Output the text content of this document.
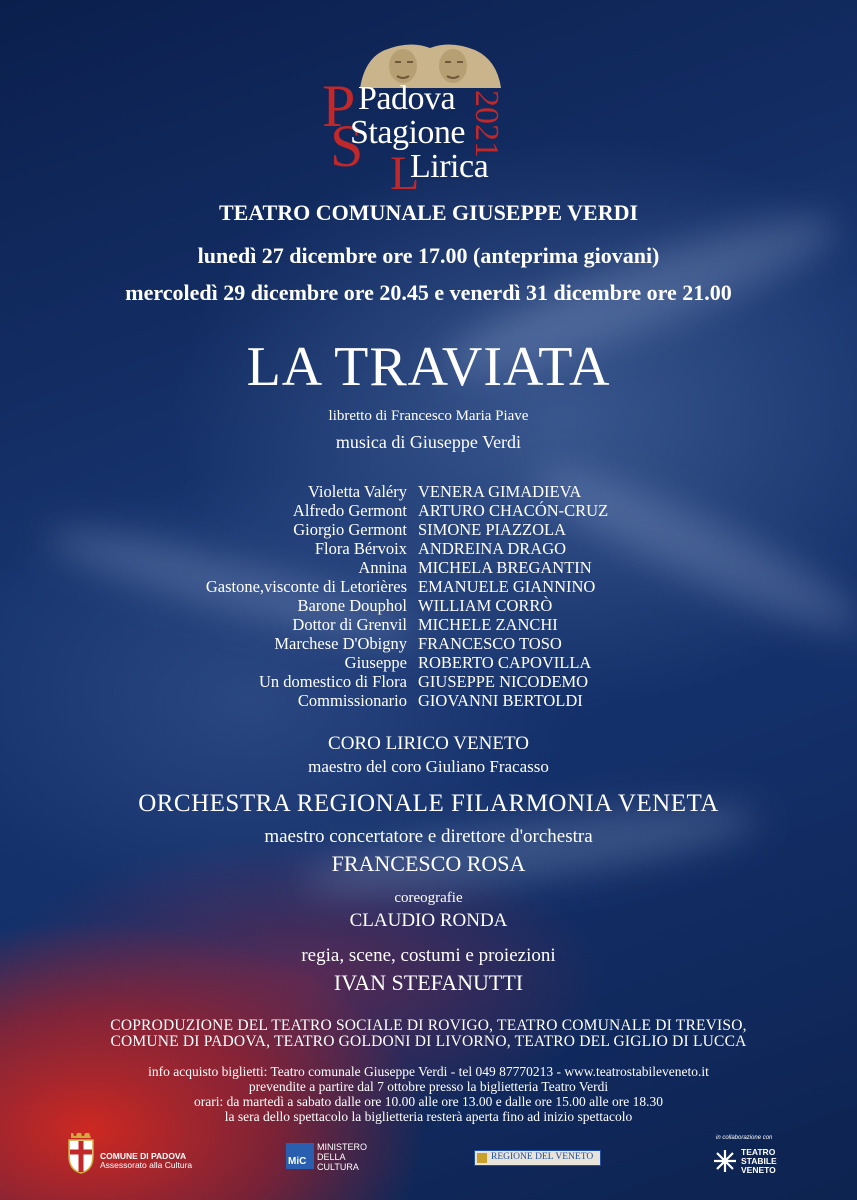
P Padova
S
Stagione
L
Lirica
2021
TEATRO COMUNALE GIUSEPPE VERDI
lunedì 27 dicembre ore 17.00 (anteprima giovani)
mercoledì 29 dicembre ore 20.45 e venerdì 31 dicembre ore 21.00
LA TRAVIATA
libretto di Francesco Maria Piave
musica di Giuseppe Verdi
Violetta Valéry VENERA GIMADIEVA
Alfredo Germont ARTURO CHACÓN-CRUZ
Giorgio Germont SIMONE PIAZZOLA
Flora Bérvoix ANDREINA DRAGO
Annina MICHELA BREGANTIN
Gastone,visconte di Letorières EMANUELE GIANNINO
Barone Douphol WILLIAM CORRÒ
Dottor di Grenvil MICHELE ZANCHI
Marchese D'Obigny FRANCESCO TOSO
Giuseppe ROBERTO CAPOVILLA
Un domestico di Flora GIUSEPPE NICODEMO
Commissionario GIOVANNI BERTOLDI
CORO LIRICO VENETO
maestro del coro Giuliano Fracasso
ORCHESTRA REGIONALE FILARMONIA VENETA
maestro concertatore e direttore d'orchestra
FRANCESCO ROSA
coreografie
CLAUDIO RONDA
regia, scene, costumi e proiezioni
IVAN STEFANUTTI
COPRODUZIONE DEL TEATRO SOCIALE DI ROVIGO, TEATRO COMUNALE DI TREVISO,
COMUNE DI PADOVA, TEATRO GOLDONI DI LIVORNO, TEATRO DEL GIGLIO DI LUCCA
info acquisto biglietti: Teatro comunale Giuseppe Verdi - tel 049 87770213 - www.teatrostabileveneto.it
prevendite a partire dal 7 ottobre presso la biglietteria Teatro Verdi
orari: da martedì a sabato dalle ore 10.00 alle ore 13.00 e dalle ore 15.00 alle ore 18.30
la sera dello spettacolo la biglietteria resterà aperta fino ad inizio spettacolo
COMUNE DI PADOVA
Assessorato alla Cultura	MiC
MINISTERO
DELLA
CULTURA
REGIONE DEL VENETO
in collaborazione con
TEATRO
STABILE
VENETO
